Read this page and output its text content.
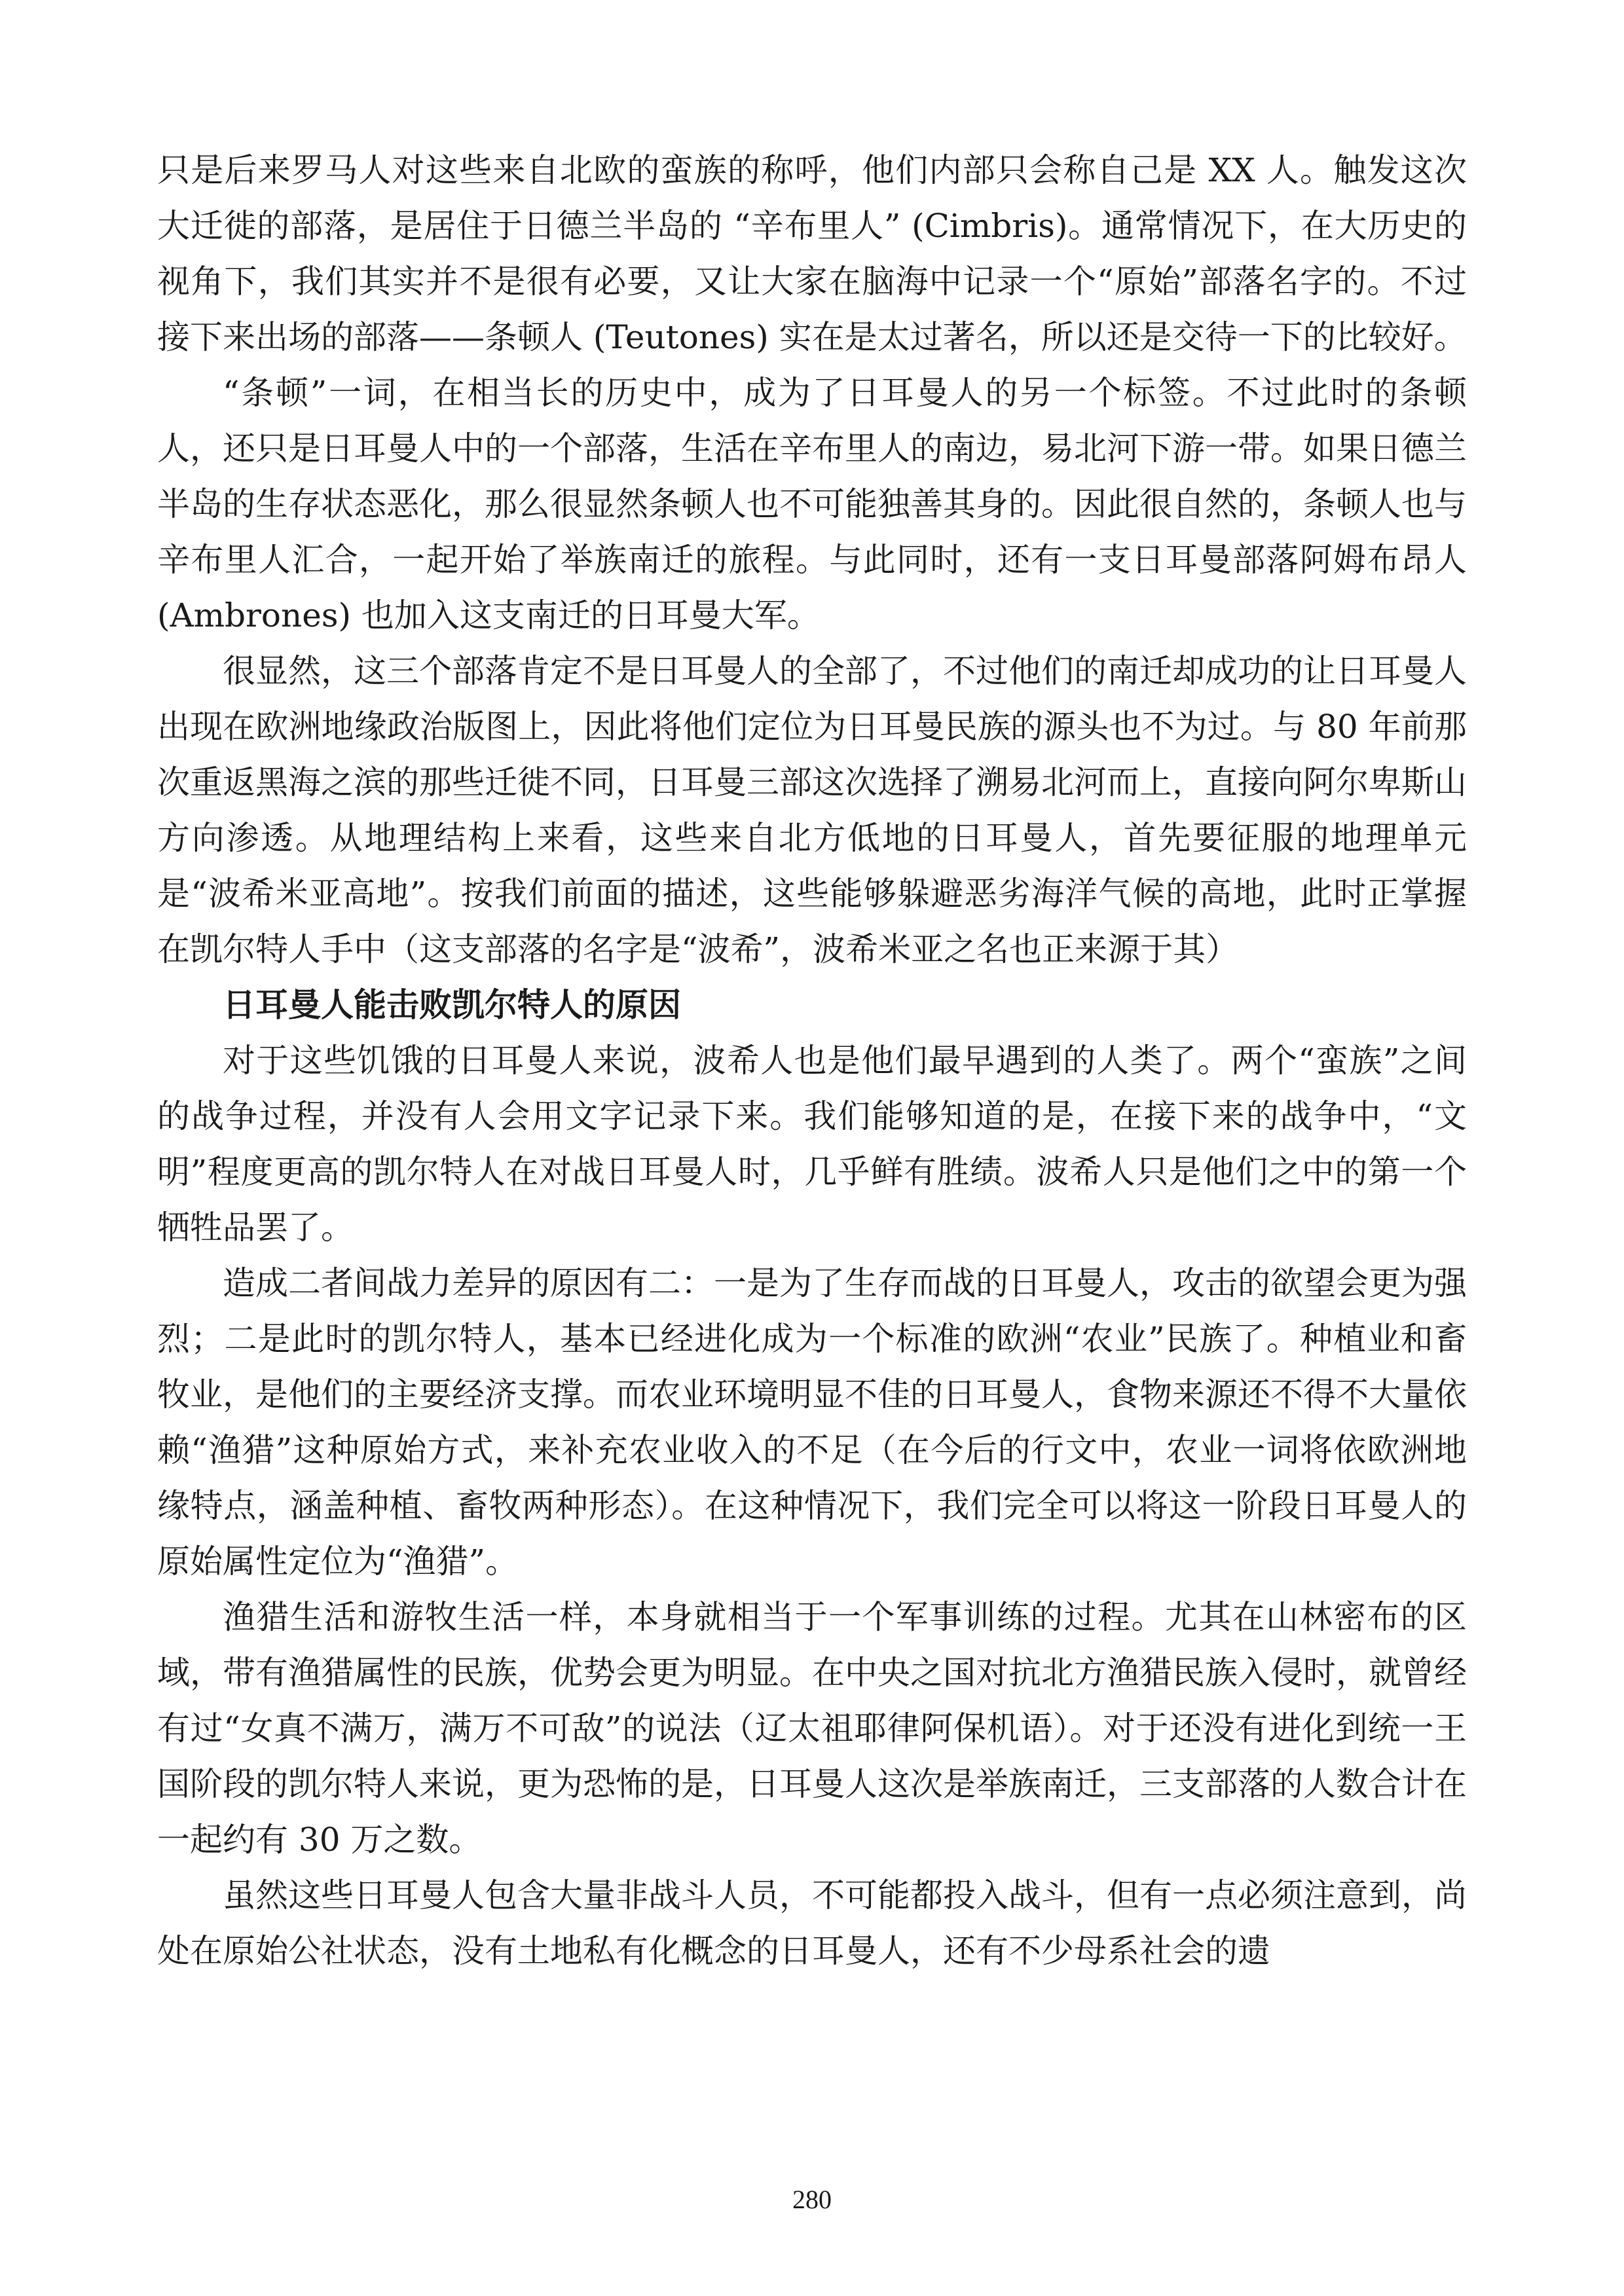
只是后来罗马人对这些来自北欧的蛮族的称呼，他们内部只会称自己是 XX 人。触发这次大迁徙的部落，是居住于日德兰半岛的 “辛布里人” (Cimbris)。通常情况下，在大历史的视角下，我们其实并不是很有必要，又让大家在脑海中记录一个“原始”部落名字的。不过接下来出场的部落——条顿人 (Teutones) 实在是太过著名，所以还是交待一下的比较好。

“条顿”一词，在相当长的历史中，成为了日耳曼人的另一个标签。不过此时的条顿人，还只是日耳曼人中的一个部落，生活在辛布里人的南边，易北河下游一带。如果日德兰半岛的生存状态恶化，那么很显然条顿人也不可能独善其身的。因此很自然的，条顿人也与辛布里人汇合，一起开始了举族南迁的旅程。与此同时，还有一支日耳曼部落阿姆布昂人 (Ambrones) 也加入这支南迁的日耳曼大军。

很显然，这三个部落肯定不是日耳曼人的全部了，不过他们的南迁却成功的让日耳曼人出现在欧洲地缘政治版图上，因此将他们定位为日耳曼民族的源头也不为过。与 80 年前那次重返黑海之滨的那些迁徙不同，日耳曼三部这次选择了溯易北河而上，直接向阿尔卑斯山方向渗透。从地理结构上来看，这些来自北方低地的日耳曼人，首先要征服的地理单元是“波希米亚高地”。按我们前面的描述，这些能够躲避恶劣海洋气候的高地，此时正掌握在凯尔特人手中（这支部落的名字是“波希”，波希米亚之名也正来源于其）

日耳曼人能击败凯尔特人的原因

对于这些饥饿的日耳曼人来说，波希人也是他们最早遇到的人类了。两个“蛮族”之间的战争过程，并没有人会用文字记录下来。我们能够知道的是，在接下来的战争中，“文明”程度更高的凯尔特人在对战日耳曼人时，几乎鲜有胜绩。波希人只是他们之中的第一个牺牲品罢了。

造成二者间战力差异的原因有二：一是为了生存而战的日耳曼人，攻击的欲望会更为强烈；二是此时的凯尔特人，基本已经进化成为一个标准的欧洲“农业”民族了。种植业和畜牧业，是他们的主要经济支撑。而农业环境明显不佳的日耳曼人，食物来源还不得不大量依赖“渔猎”这种原始方式，来补充农业收入的不足（在今后的行文中，农业一词将依欧洲地缘特点，涵盖种植、畜牧两种形态）。在这种情况下，我们完全可以将这一阶段日耳曼人的原始属性定位为“渔猎”。

渔猎生活和游牧生活一样，本身就相当于一个军事训练的过程。尤其在山林密布的区域，带有渔猎属性的民族，优势会更为明显。在中央之国对抗北方渔猎民族入侵时，就曾经有过“女真不满万，满万不可敌”的说法（辽太祖耶律阿保机语）。对于还没有进化到统一王国阶段的凯尔特人来说，更为恐怖的是，日耳曼人这次是举族南迁，三支部落的人数合计在一起约有 30 万之数。

虽然这些日耳曼人包含大量非战斗人员，不可能都投入战斗，但有一点必须注意到，尚处在原始公社状态，没有土地私有化概念的日耳曼人，还有不少母系社会的遗

280
